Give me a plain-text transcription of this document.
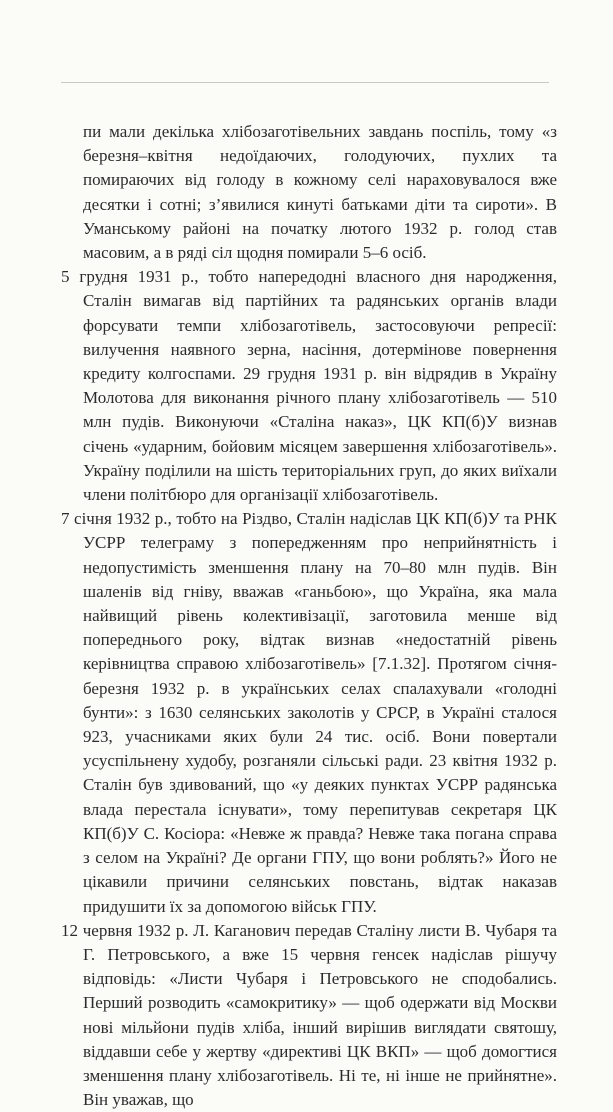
пи мали декілька хлібозаготівельних завдань поспіль, тому «з березня–квітня недоїдаючих, голодуючих, пухлих та помираючих від голоду в кожному селі нараховувалося вже десятки і сотні; з’явилися кинуті батьками діти та сироти». В Уманському районі на початку лютого 1932 р. голод став масовим, а в ряді сіл щодня помирали 5–6 осіб.

5 грудня 1931 р., тобто напередодні власного дня народження, Сталін вимагав від партійних та радянських органів влади форсувати темпи хлібозаготівель, застосовуючи репресії: вилучення наявного зерна, насіння, дотермінове повернення кредиту колгоспами. 29 грудня 1931 р. він відрядив в Україну Молотова для виконання річного плану хлібозаготівель — 510 млн пудів. Виконуючи «Сталіна наказ», ЦК КП(б)У визнав січень «ударним, бойовим місяцем завершення хлібозаготівель». Україну поділили на шість територіальних груп, до яких виїхали члени політбюро для організації хлібозаготівель.

7 січня 1932 р., тобто на Різдво, Сталін надіслав ЦК КП(б)У та РНК УСРР телеграму з попередженням про неприйнятність і недопустимість зменшення плану на 70–80 млн пудів. Він шаленів від гніву, вважав «ганьбою», що Україна, яка мала найвищий рівень колективізації, заготовила менше від попереднього року, відтак визнав «недостатній рівень керівництва справою хлібозаготівель» [7.1.32]. Протягом січня-березня 1932 р. в українських селах спалахували «голодні бунти»: з 1630 селянських заколотів у СРСР, в Україні сталося 923, учасниками яких були 24 тис. осіб. Вони повертали усуспільнену худобу, розганяли сільські ради. 23 квітня 1932 р. Сталін був здивований, що «у деяких пунктах УСРР радянська влада перестала існувати», тому перепитував секретаря ЦК КП(б)У С. Косіора: «Невже ж правда? Невже така погана справа з селом на Україні? Де органи ГПУ, що вони роблять?» Його не цікавили причини селянських повстань, відтак наказав придушити їх за допомогою військ ГПУ.

12 червня 1932 р. Л. Каганович передав Сталіну листи В. Чубаря та Г. Петровського, а вже 15 червня генсек надіслав рішучу відповідь: «Листи Чубаря і Петровського не сподобались. Перший розводить «самокритику» — щоб одержати від Москви нові мільйони пудів хліба, інший вирішив виглядати святошу, віддавши себе у жертву «директиві ЦК ВКП» — щоб домогтися зменшення плану хлібозаготівель. Ні те, ні інше не прийнятне». Він уважав, що
